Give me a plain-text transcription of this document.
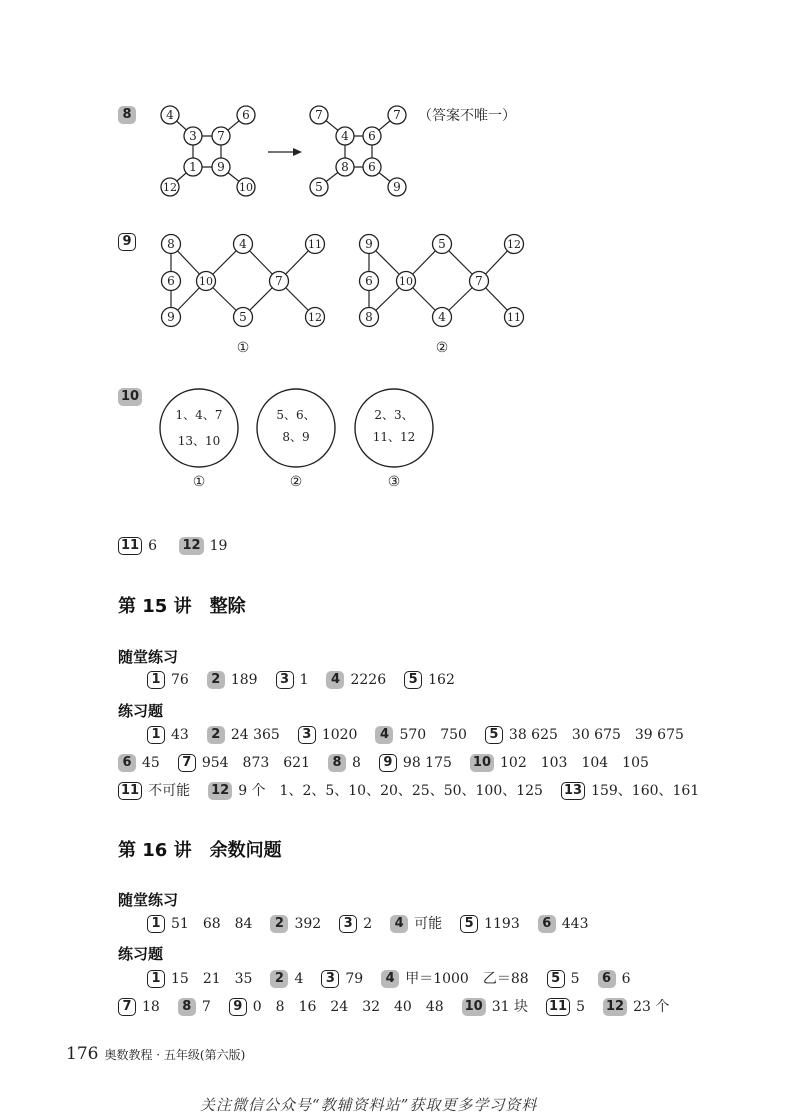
8	4	6
3 7
1 9
12	10
7	7
4 6
8 6
5	9
（答案不唯一）
9	8	4	11
6 10	7
9	5	12
①
9	5	12
6 10	7
8	4	11
②
10
1、4、7
13、10
5、6、
8、9
2、3、
11、12
①	②	③
11 6 12 19
第 15 讲　整除
随堂练习
1 76 2 189 3 1 4 2226 5 162
练习题
1 43 2 24 365 3 1020 4 570　750 5 38 625　30 675　39 675
6 45 7 954　873　621 8 8 9 98 175 10 102　103　104　105
11 不可能 12 9 个　1、2、5、10、20、25、50、100、125 13 159、160、161
第 16 讲　余数问题
随堂练习
1 51　68　84 2 392 3 2 4 可能 5 1193 6 443
练习题
1 15　21　35 2 4 3 79 4 甲＝1000　乙＝88 5 5 6 6
7 18 8 7 9 0　8　16　24　32　40　48 10 31 块 11 5 12 23 个
176 奥数教程 · 五年级(第六版)
关注微信公众号“教辅资料站”获取更多学习资料
